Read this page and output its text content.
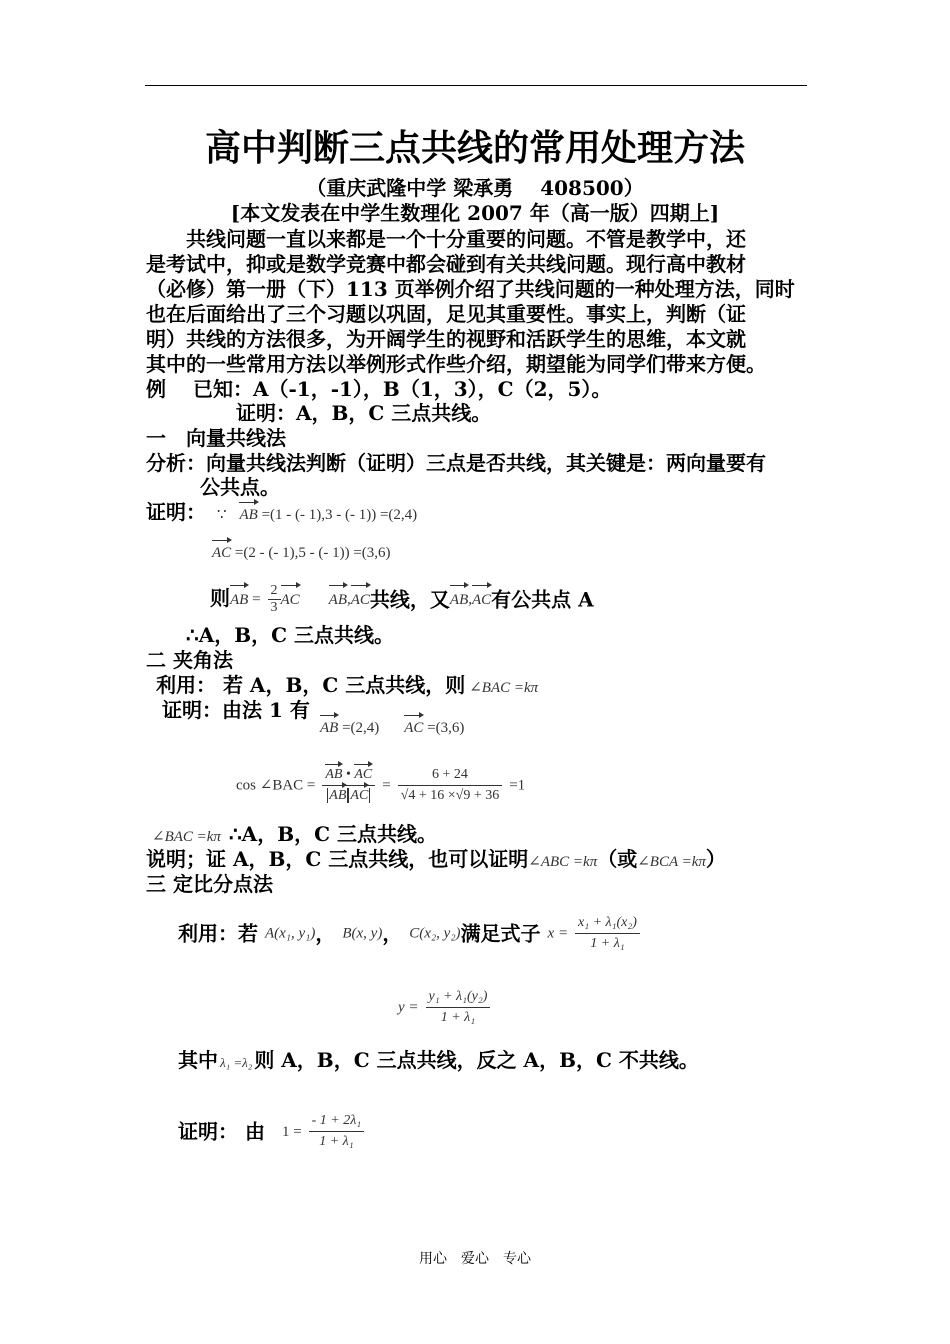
高中判断三点共线的常用处理方法
（重庆武隆中学 梁承勇　 408500）
[本文发表在中学生数理化 2007 年（高一版）四期上]
　　共线问题一直以来都是一个十分重要的问题。不管是教学中，还
是考试中，抑或是数学竞赛中都会碰到有关共线问题。现行高中教材
（必修）第一册（下）113 页举例介绍了共线问题的一种处理方法，同时
也在后面给出了三个习题以巩固，足见其重要性。事实上，判断（证
明）共线的方法很多，为开阔学生的视野和活跃学生的思维，本文就
其中的一些常用方法以举例形式作些介绍，期望能为同学们带来方便。
例　 已知：A（-1，-1），B（1，3），C（2，5）。
证明：A，B，C 三点共线。
一　向量共线法
分析：向量共线法判断（证明）三点是否共线，其关键是：两向量要有
公共点。
证明： ∵ AB =(1 - (- 1),3 - (- 1)) =(2,4)
AC =(2 - (- 1),5 - (- 1)) =(3,6)
则AB = $\frac{2}{3}$ AC AB,AC共线，又AB,AC有公共点 A
∴A，B，C 三点共线。
二 夹角法
利用： 若 A，B，C 三点共线，则 ∠BAC =kπ
证明：由法 1 有
AB =(2,4) AC =(3,6)
cos ∠BAC = $\frac{AB • AC}{\text{AB AC}} = \frac{6 + 24}{√4 + 16 \times√9 + 36} =1$
∠BAC =kπ ∴A，B，C 三点共线。
说明；证 A，B，C 三点共线，也可以证明∠ABC =kπ（或∠BCA =kπ）
三 定比分点法
利用：若 A(x₁, y₁)， B(x, y)， C(x₂, y₂)满足式子 $x = \frac{\text{x₁ + λ₁(x₂)}}{\text{1 + λ₁}}$
$y = \frac{\text{y₁ + λ₁(y₂)}}{\text{1 + λ₁}}$
其中 λ₁ =λ₂ 则 A，B，C 三点共线，反之 A，B，C 不共线。
证明： 由 $1 = \frac{\text{- 1 + 2λ₁}}{\text{1 + λ₁}}$
用心　爱心　专心
